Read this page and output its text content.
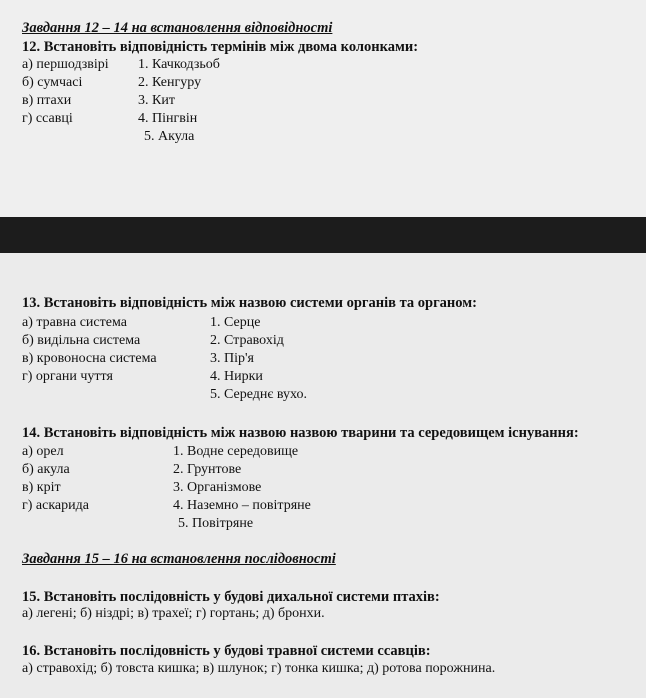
Завдання 12 – 14 на встановлення відповідності
12. Встановіть відповідність термінів між двома колонками:
а) першодзвірі
б) сумчасі
в) птахи
г) ссавці
1. Качкодзьоб
2. Кенгуру
3. Кит
4. Пінгвін
5. Акула
13. Встановіть відповідність між назвою системи органів та органом:
а) травна система
б) видільна система
в) кровоносна система
г) органи чуття
1. Серце
2. Стравохід
3. Пір'я
4. Нирки
5. Середнє вухо.
14. Встановіть відповідність між назвою назвою тварини та середовищем існування:
а) орел
б) акула
в) кріт
г) аскарида
1. Водне середовище
2. Грунтове
3. Організмове
4. Наземно – повітряне
5. Повітряне
Завдання 15 – 16 на встановлення послідовності
15. Встановіть послідовність у будові дихальної системи птахів:
а) легені; б) ніздрі; в) трахеї; г) гортань; д) бронхи.
16. Встановіть послідовність у будові травної системи ссавців:
а) стравохід; б) товста кишка; в) шлунок; г) тонка кишка; д) ротова порожнина.
